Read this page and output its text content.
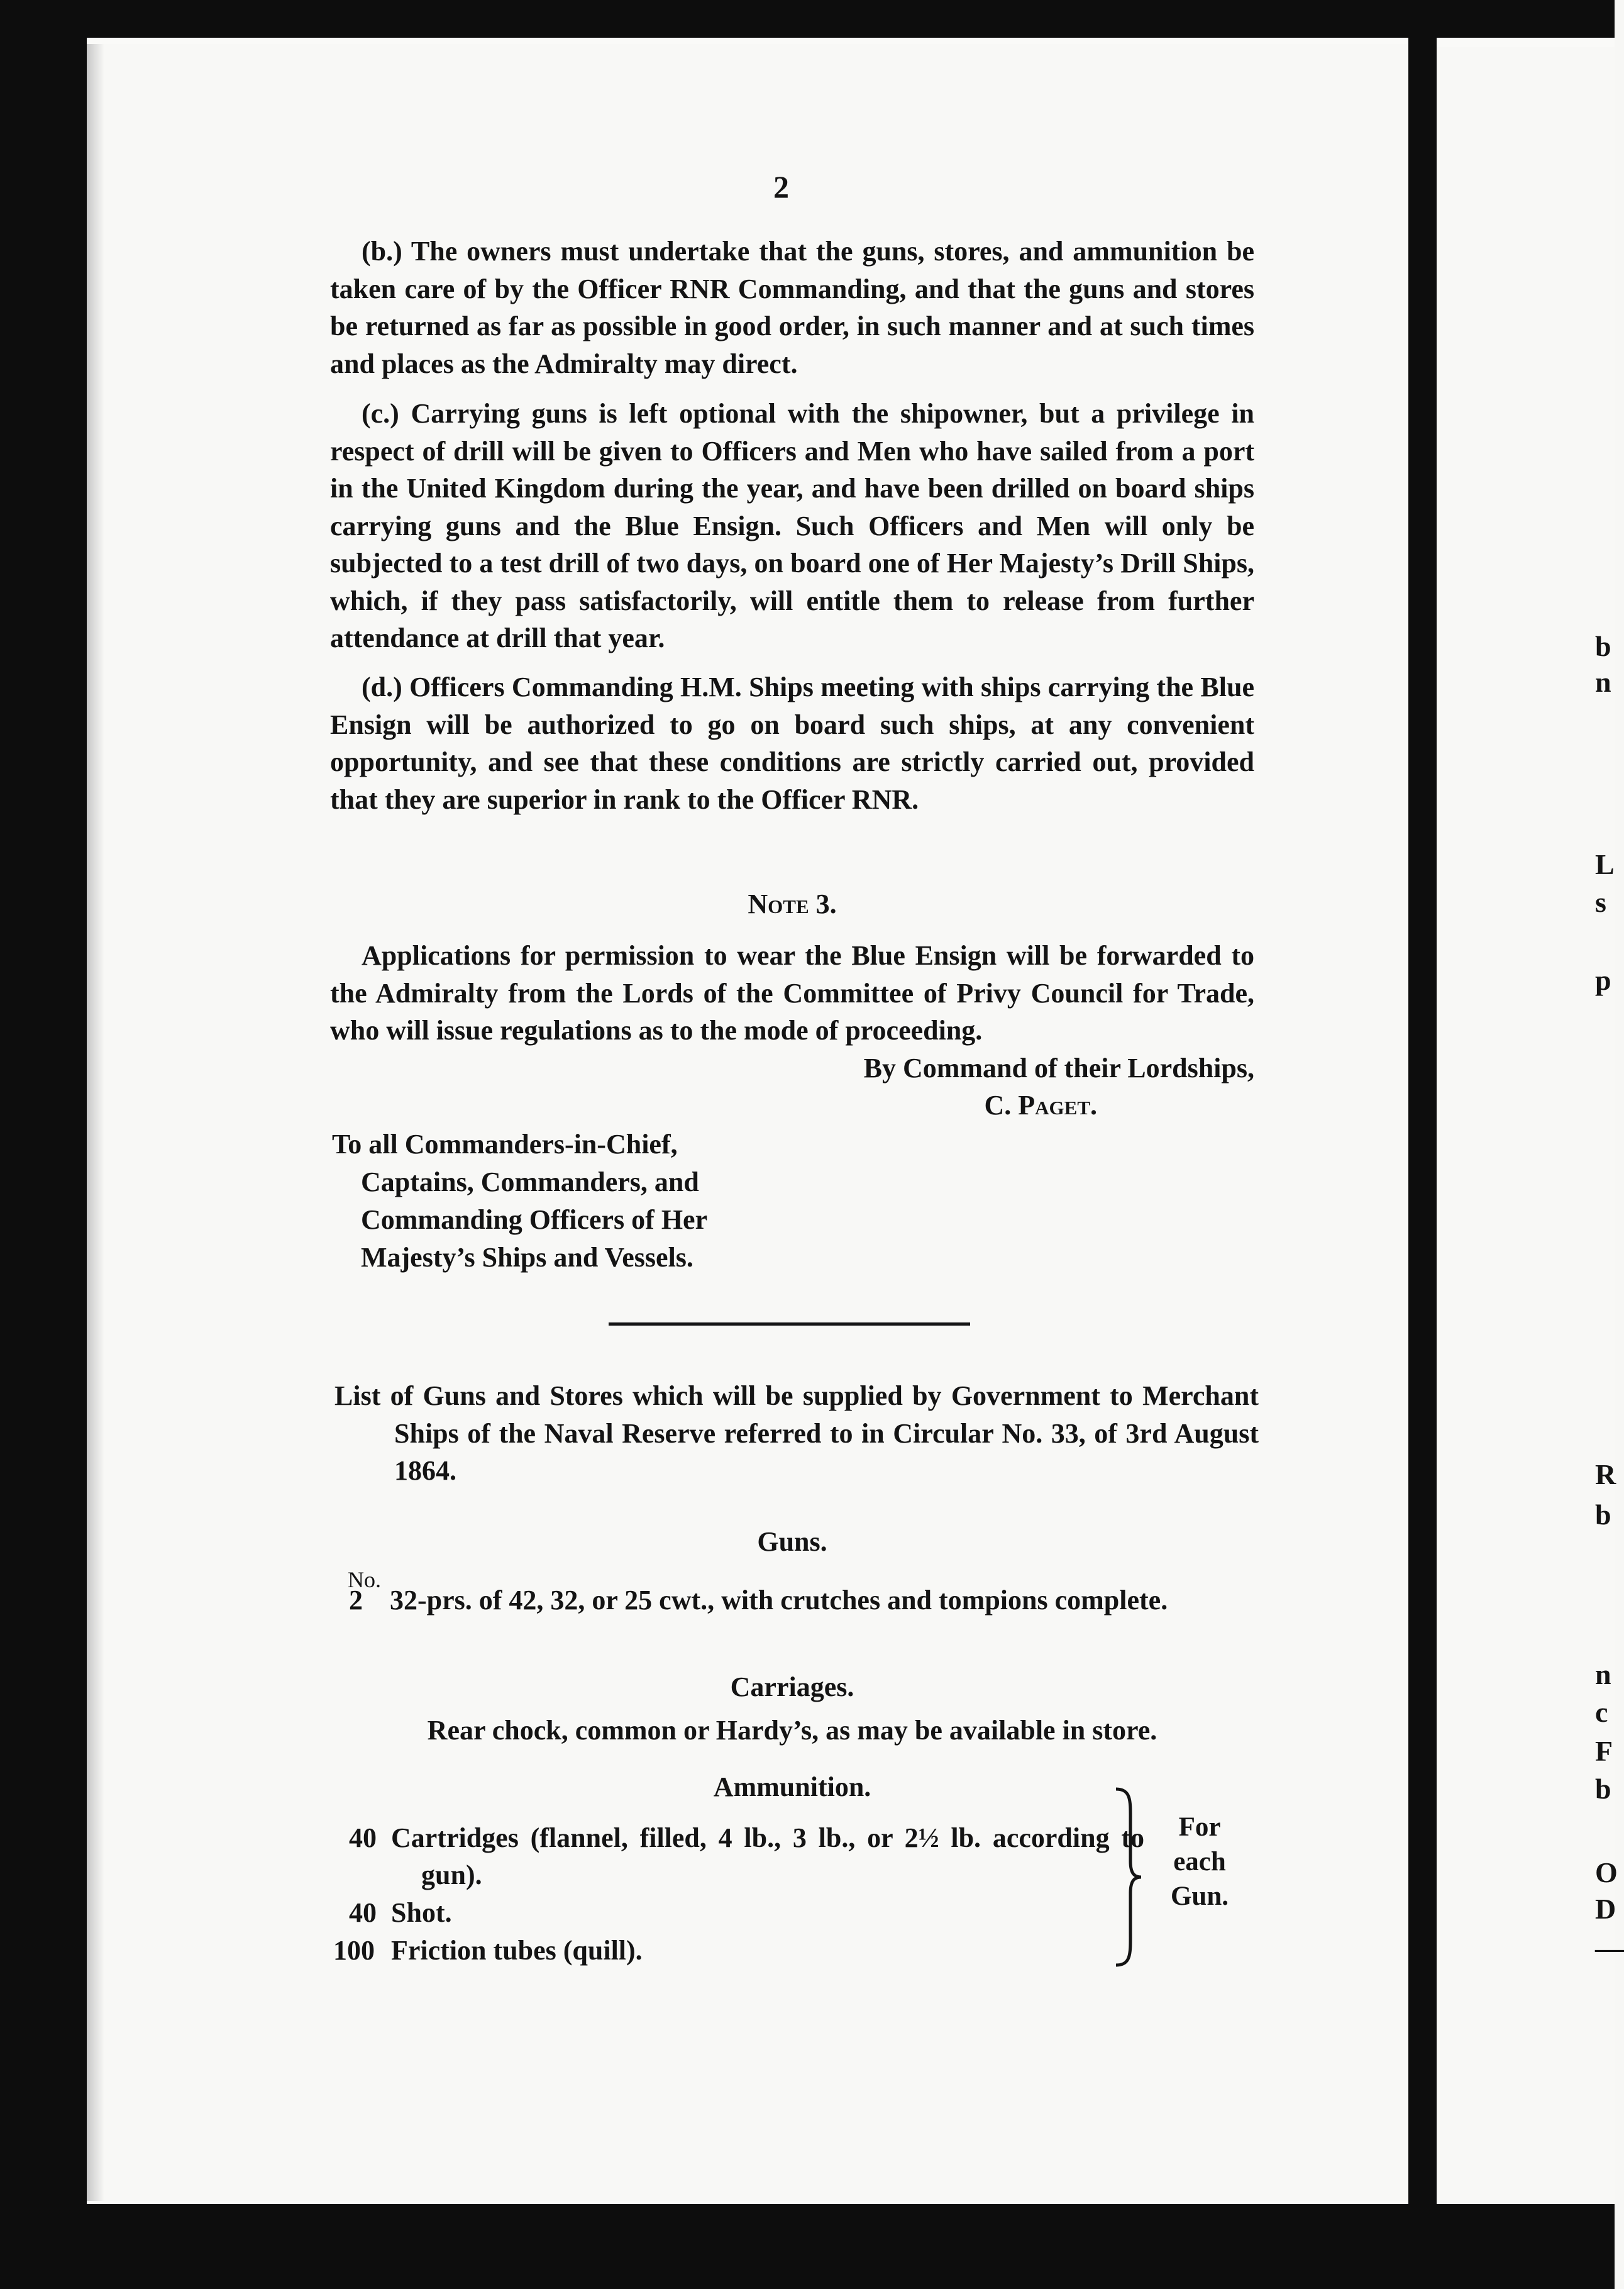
b
n
L
s
p
R
b
n
c
F
b
O
D
—
2

(b.) The owners must undertake that the guns, stores, and ammunition be taken care of by the Officer RNR Commanding, and that the guns and stores be returned as far as possible in good order, in such manner and at such times and places as the Admiralty may direct.

(c.) Carrying guns is left optional with the shipowner, but a privilege in respect of drill will be given to Officers and Men who have sailed from a port in the United Kingdom during the year, and have been drilled on board ships carrying guns and the Blue Ensign. Such Officers and Men will only be subjected to a test drill of two days, on board one of Her Majesty’s Drill Ships, which, if they pass satisfactorily, will entitle them to release from further attendance at drill that year.

(d.) Officers Commanding H.M. Ships meeting with ships carrying the Blue Ensign will be authorized to go on board such ships, at any convenient opportunity, and see that these conditions are strictly carried out, provided that they are superior in rank to the Officer RNR.

Note 3.

Applications for permission to wear the Blue Ensign will be forwarded to the Admiralty from the Lords of the Committee of Privy Council for Trade, who will issue regulations as to the mode of proceeding.

By Command of their Lordships,

C. Paget.

To all Commanders-in-Chief,
Captains, Commanders, and
Commanding Officers of Her
Majesty’s Ships and Vessels.

List of Guns and Stores which will be supplied by Government to Merchant Ships of the Naval Reserve referred to in Circular No. 33, of 3rd August 1864.

Guns.
No.
2 32-prs. of 42, 32, or 25 cwt., with crutches and tompions complete.
Carriages.
Rear chock, common or Hardy’s, as may be available in store.
Ammunition.
40 Cartridges (flannel, filled, 4 lb., 3 lb., or 2½ lb. according to gun).
40 Shot.
100 Friction tubes (quill).
For
each
Gun.
